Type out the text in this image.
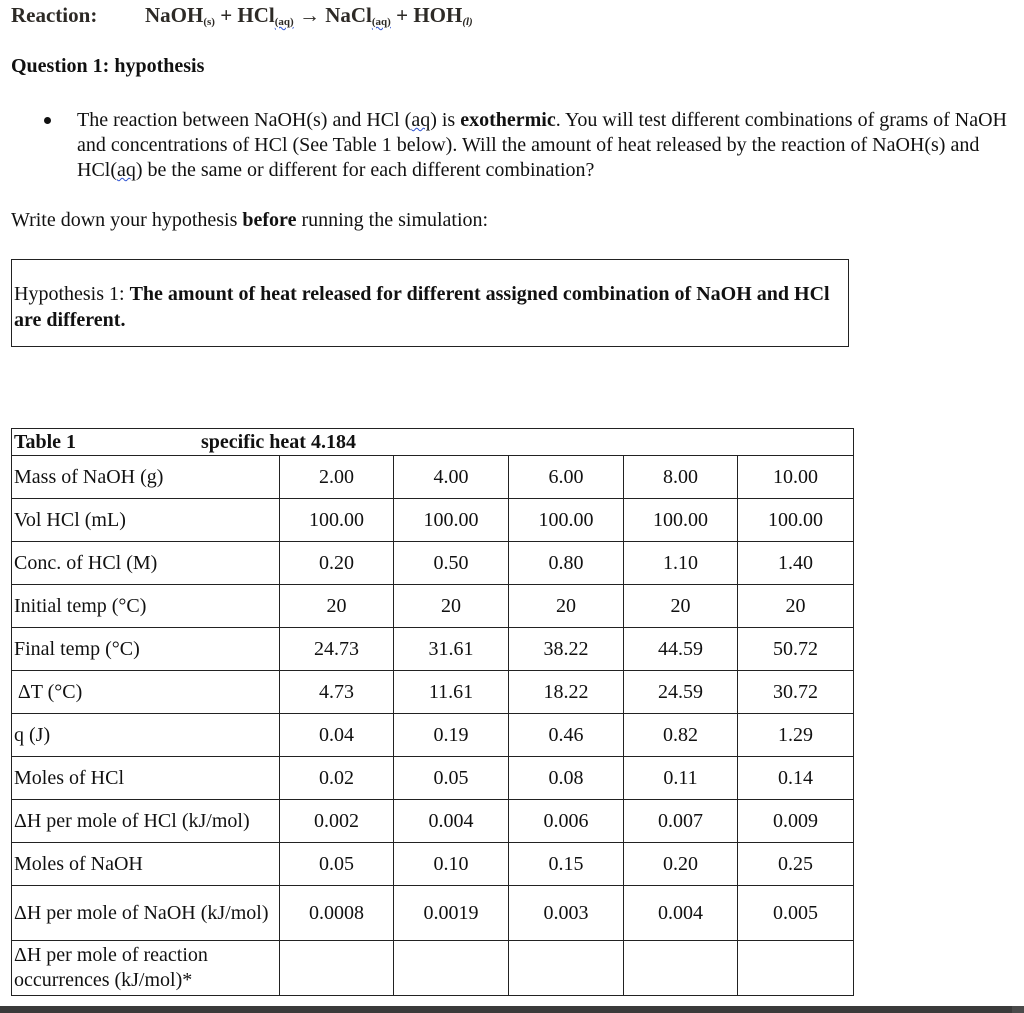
Reaction: NaOH$_{(s)}$ + HCl$_{(aq)}$ → NaCl$_{(aq)}$ + $HOH_{(l)}$
Question 1: hypothesis
The reaction between NaOH(s) and HCl (aq) is exothermic. You will test different combinations of grams of NaOH and concentrations of HCl (See Table 1 below). Will the amount of heat released by the reaction of NaOH(s) and HCl(aq) be the same or different for each different combination?
Write down your hypothesis before running the simulation:
Hypothesis 1: The amount of heat released for different assigned combination of NaOH and HCl are different.
Table 1 specific heat 4.184					
Mass of NaOH (g)	2.00	4.00	6.00	8.00	10.00
Vol HCl (mL)	100.00	100.00	100.00	100.00	100.00
Conc. of HCl (M)	0.20	0.50	0.80	1.10	1.40
Initial temp (°C)	20	20	20	20	20
Final temp (°C)	24.73	31.61	38.22	44.59	50.72
ΔT (°C)	4.73	11.61	18.22	24.59	30.72
q (J)	0.04	0.19	0.46	0.82	1.29
Moles of HCl	0.02	0.05	0.08	0.11	0.14
ΔH per mole of HCl (kJ/mol)	0.002	0.004	0.006	0.007	0.009
Moles of NaOH	0.05	0.10	0.15	0.20	0.25
ΔH per mole of NaOH (kJ/mol)	0.0008	0.0019	0.003	0.004	0.005
ΔH per mole of reaction occurrences (kJ/mol)*					
